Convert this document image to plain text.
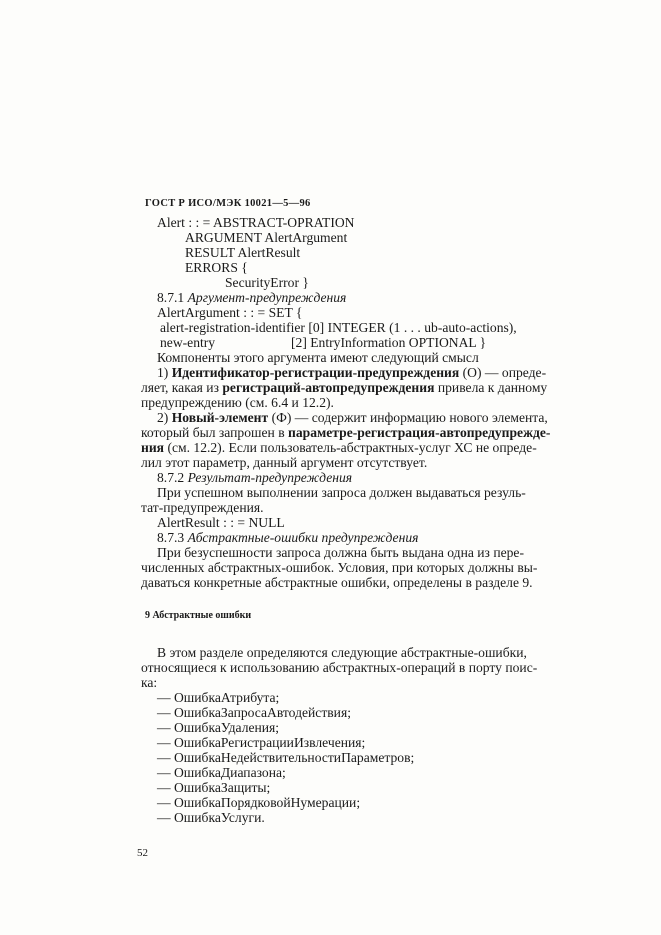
ГОСТ Р ИСО/МЭК 10021—5—96
Alert : : = ABSTRACT-OPRATION
ARGUMENT AlertArgument
RESULT AlertResult
ERRORS {
SecurityError }
8.7.1 Аргумент-предупреждения
AlertArgument : : = SET {
alert-registration-identifier [0] INTEGER (1 . . . ub-auto-actions),
new-entry	[2] EntryInformation OPTIONAL }
Компоненты этого аргумента имеют следующий смысл
1) Идентификатор-регистрации-предупреждения (О) — опреде-
ляет, какая из регистраций-автопредупреждения привела к данному
предупреждению (см. 6.4 и 12.2).
2) Новый-элемент (Ф) — содержит информацию нового элемента,
который был запрошен в параметре-регистрация-автопредупрежде-
ния (см. 12.2). Если пользователь-абстрактных-услуг ХС не опреде-
лил этот параметр, данный аргумент отсутствует.
8.7.2 Результат-предупреждения
При успешном выполнении запроса должен выдаваться резуль-
тат-предупреждения.
AlertResult : : = NULL
8.7.3 Абстрактные-ошибки предупреждения
При безуспешности запроса должна быть выдана одна из пере-
численных абстрактных-ошибок. Условия, при которых должны вы-
даваться конкретные абстрактные ошибки, определены в разделе 9.
9 Абстрактные ошибки
В этом разделе определяются следующие абстрактные-ошибки,
относящиеся к использованию абстрактных-операций в порту поис-
ка:
— ОшибкаАтрибута;
— ОшибкаЗапросаАвтодействия;
— ОшибкаУдаления;
— ОшибкаРегистрацииИзвлечения;
— ОшибкаНедействительностиПараметров;
— ОшибкаДиапазона;
— ОшибкаЗащиты;
— ОшибкаПорядковойНумерации;
— ОшибкаУслуги.
52
